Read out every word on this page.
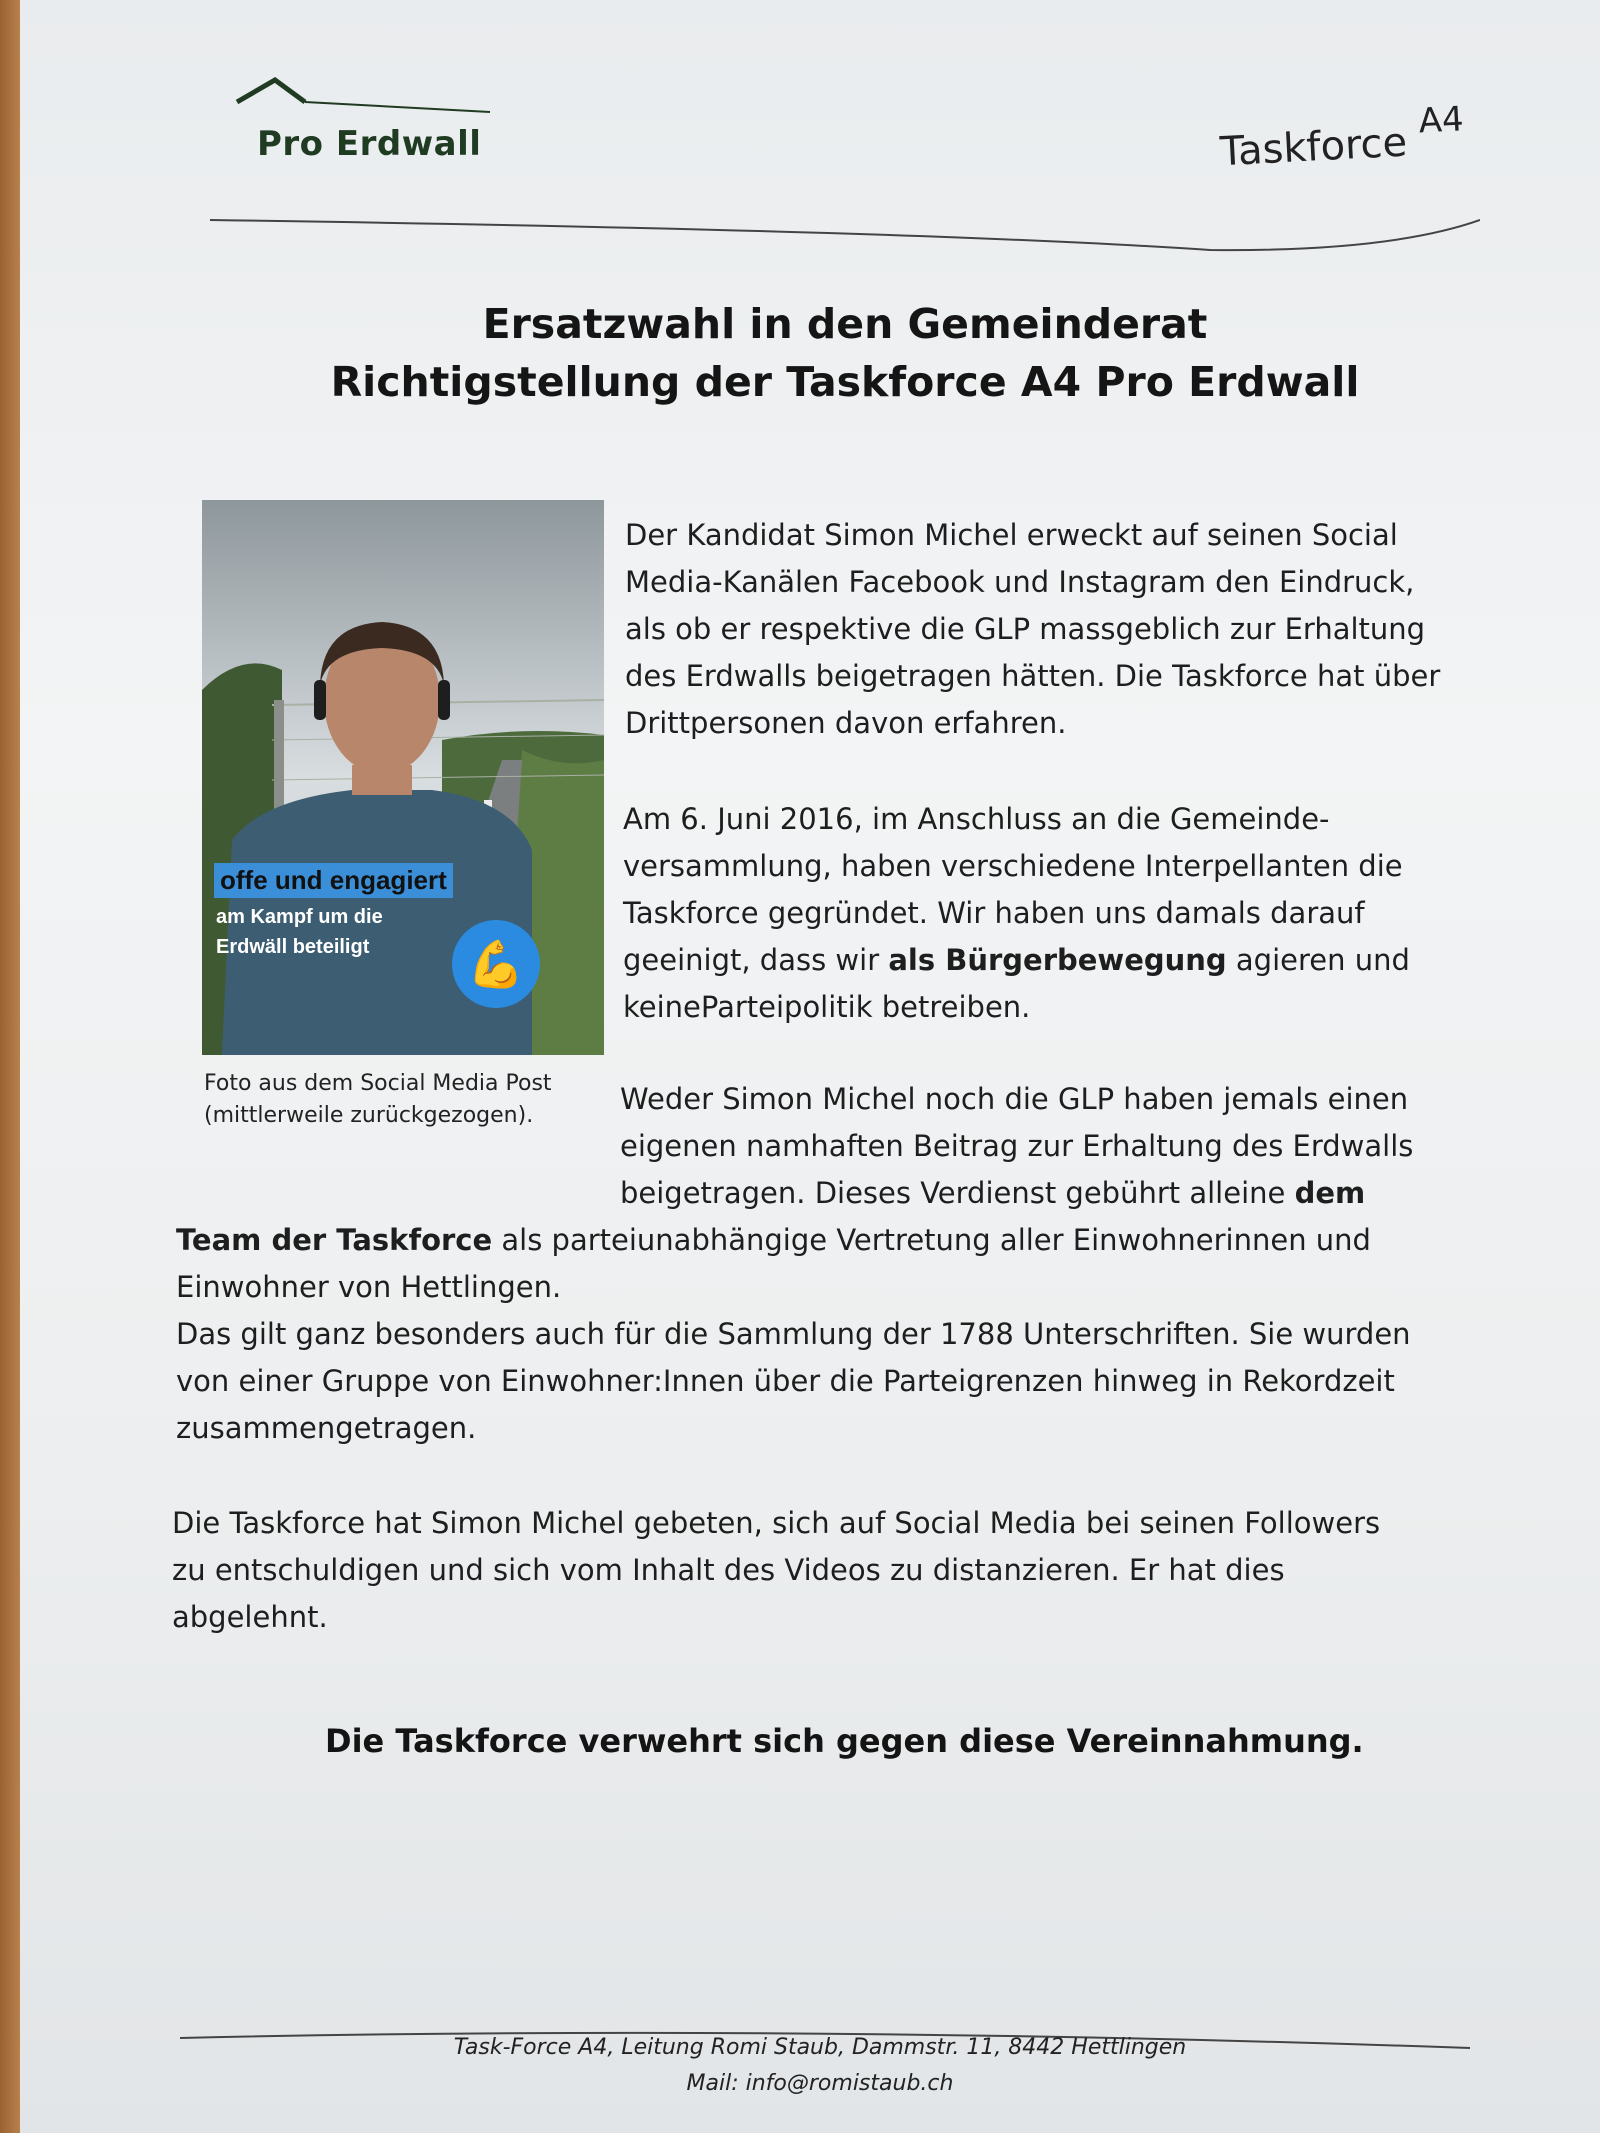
Pro Erdwall	Taskforce $^{A4}$
Ersatzwahl in den Gemeinderat
Richtigstellung der Taskforce A4 Pro Erdwall
offe und engagiert
am Kampf um die
Erdwäll beteiligt	💪
Foto aus dem Social Media Post
(mittlerweile zurückgezogen).
Der Kandidat Simon Michel erweckt auf seinen Social
Media-Kanälen Facebook und Instagram den Eindruck,
als ob er respektive die GLP massgeblich zur Erhaltung
des Erdwalls beigetragen hätten. Die Taskforce hat über
Drittpersonen davon erfahren.
Am 6. Juni 2016, im Anschluss an die Gemeinde-
versammlung, haben verschiedene Interpellanten die
Taskforce gegründet. Wir haben uns damals darauf
geeinigt, dass wir als Bürgerbewegung agieren und
keineParteipolitik betreiben.
Weder Simon Michel noch die GLP haben jemals einen
eigenen namhaften Beitrag zur Erhaltung des Erdwalls
beigetragen. Dieses Verdienst gebührt alleine dem
Team der Taskforce als parteiunabhängige Vertretung aller Einwohnerinnen und
Einwohner von Hettlingen.
Das gilt ganz besonders auch für die Sammlung der 1788 Unterschriften. Sie wurden
von einer Gruppe von Einwohner:Innen über die Parteigrenzen hinweg in Rekordzeit
zusammengetragen.
Die Taskforce hat Simon Michel gebeten, sich auf Social Media bei seinen Followers
zu entschuldigen und sich vom Inhalt des Videos zu distanzieren. Er hat dies
abgelehnt.
Die Taskforce verwehrt sich gegen diese Vereinnahmung.
Task-Force A4, Leitung Romi Staub, Dammstr. 11, 8442 Hettlingen
Mail: info@romistaub.ch
